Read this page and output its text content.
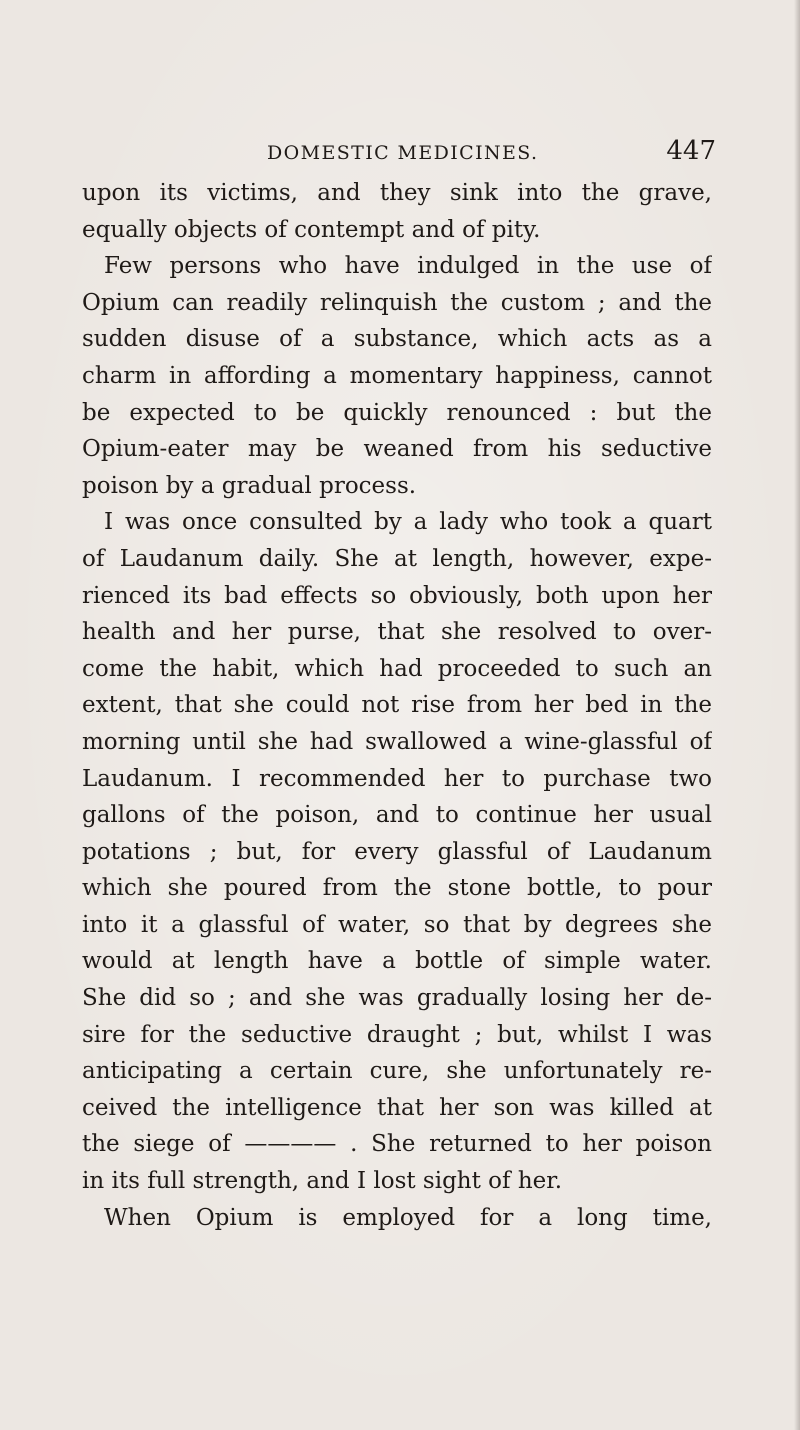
DOMESTIC MEDICINES.	447
upon its victims, and they sink into the grave,
equally objects of contempt and of pity.
Few persons who have indulged in the use of
Opium can readily relinquish the custom ; and the
sudden disuse of a substance, which acts as a
charm in affording a momentary happiness, cannot
be expected to be quickly renounced : but the
Opium-eater may be weaned from his seductive
poison by a gradual process.
I was once consulted by a lady who took a quart
of Laudanum daily. She at length, however, expe-
rienced its bad effects so obviously, both upon her
health and her purse, that she resolved to over-
come the habit, which had proceeded to such an
extent, that she could not rise from her bed in the
morning until she had swallowed a wine-glassful of
Laudanum. I recommended her to purchase two
gallons of the poison, and to continue her usual
potations ; but, for every glassful of Laudanum
which she poured from the stone bottle, to pour
into it a glassful of water, so that by degrees she
would at length have a bottle of simple water.
She did so ; and she was gradually losing her de-
sire for the seductive draught ; but, whilst I was
anticipating a certain cure, she unfortunately re-
ceived the intelligence that her son was killed at
the siege of ———— . She returned to her poison
in its full strength, and I lost sight of her.
When Opium is employed for a long time,
